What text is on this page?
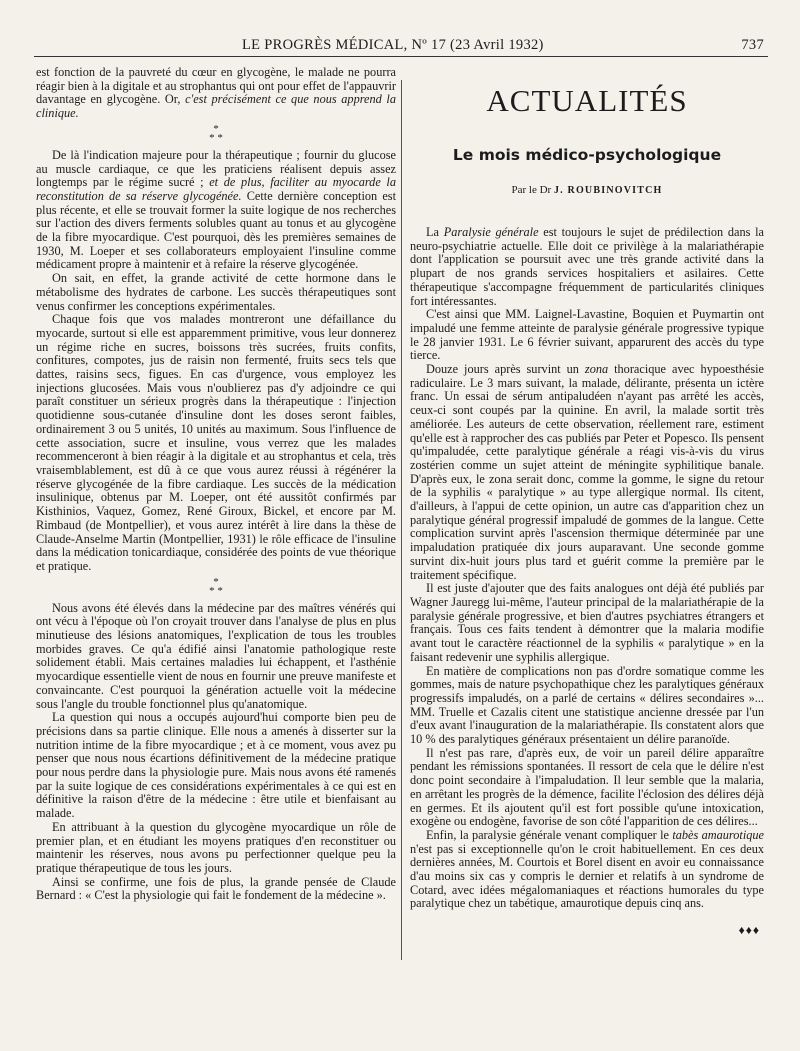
LE PROGRÈS MÉDICAL, Nº 17 (23 Avril 1932)	737

est fonction de la pauvreté du cœur en glycogène, le malade ne pourra réagir bien à la digitale et au strophantus qui ont pour effet de l'appauvrir davantage en glycogène. Or, c'est précisément ce que nous apprend la clinique.

*
* *

De là l'indication majeure pour la thérapeutique ; fournir du glucose au muscle cardiaque, ce que les praticiens réalisent depuis assez longtemps par le régime sucré ; et de plus, faciliter au myocarde la reconstitution de sa réserve glycogénée. Cette dernière conception est plus récente, et elle se trouvait former la suite logique de nos recherches sur l'action des divers ferments solubles quant au tonus et au glycogène de la fibre myocardique. C'est pourquoi, dès les premières semaines de 1930, M. Loeper et ses collaborateurs employaient l'insuline comme médicament propre à maintenir et à refaire la réserve glycogénée.

On sait, en effet, la grande activité de cette hormone dans le métabolisme des hydrates de carbone. Les succès thérapeutiques sont venus confirmer les conceptions expérimentales.

Chaque fois que vos malades montreront une défaillance du myocarde, surtout si elle est apparemment primitive, vous leur donnerez un régime riche en sucres, boissons très sucrées, fruits confits, confitures, compotes, jus de raisin non fermenté, fruits secs tels que dattes, raisins secs, figues. En cas d'urgence, vous employez les injections glucosées. Mais vous n'oublierez pas d'y adjoindre ce qui paraît constituer un sérieux progrès dans la thérapeutique : l'injection quotidienne sous-cutanée d'insuline dont les doses seront faibles, ordinairement 3 ou 5 unités, 10 unités au maximum. Sous l'influence de cette association, sucre et insuline, vous verrez que les malades recommenceront à bien réagir à la digitale et au strophantus et cela, très vraisemblablement, est dû à ce que vous aurez réussi à régénérer la réserve glycogénée de la fibre cardiaque. Les succès de la médication insulinique, obtenus par M. Loeper, ont été aussitôt confirmés par Kisthinios, Vaquez, Gomez, René Giroux, Bickel, et encore par M. Rimbaud (de Montpellier), et vous aurez intérêt à lire dans la thèse de Claude-Anselme Martin (Montpellier, 1931) le rôle efficace de l'insuline dans la médication tonicardiaque, considérée des points de vue théorique et pratique.

*
* *

Nous avons été élevés dans la médecine par des maîtres vénérés qui ont vécu à l'époque où l'on croyait trouver dans l'analyse de plus en plus minutieuse des lésions anatomiques, l'explication de tous les troubles morbides graves. Ce qu'a édifié ainsi l'anatomie pathologique reste solidement établi. Mais certaines maladies lui échappent, et l'asthénie myocardique essentielle vient de nous en fournir une preuve manifeste et convaincante. C'est pourquoi la génération actuelle voit la médecine sous l'angle du trouble fonctionnel plus qu'anatomique.

La question qui nous a occupés aujourd'hui comporte bien peu de précisions dans sa partie clinique. Elle nous a amenés à disserter sur la nutrition intime de la fibre myocardique ; et à ce moment, vous avez pu penser que nous nous écartions définitivement de la médecine pratique pour nous perdre dans la physiologie pure. Mais nous avons été ramenés par la suite logique de ces considérations expérimentales à ce qui est en définitive la raison d'être de la médecine : être utile et bienfaisant au malade.

En attribuant à la question du glycogène myocardique un rôle de premier plan, et en étudiant les moyens pratiques d'en reconstituer ou maintenir les réserves, nous avons pu perfectionner quelque peu la pratique thérapeutique de tous les jours.

Ainsi se confirme, une fois de plus, la grande pensée de Claude Bernard : « C'est la physiologie qui fait le fondement de la médecine ».

ACTUALITÉS
Le mois médico-psychologique
Par le Dr J. ROUBINOVITCH

La Paralysie générale est toujours le sujet de prédilection dans la neuro-psychiatrie actuelle. Elle doit ce privilège à la malariathérapie dont l'application se poursuit avec une très grande activité dans la plupart de nos grands services hospitaliers et asilaires. Cette thérapeutique s'accompagne fréquemment de particularités cliniques fort intéressantes.

C'est ainsi que MM. Laignel-Lavastine, Boquien et Puymartin ont impaludé une femme atteinte de paralysie générale progressive typique le 28 janvier 1931. Le 6 février suivant, apparurent des accès du type tierce.

Douze jours après survint un zona thoracique avec hypoesthésie radiculaire. Le 3 mars suivant, la malade, délirante, présenta un ictère franc. Un essai de sérum antipaludéen n'ayant pas arrêté les accès, ceux-ci sont coupés par la quinine. En avril, la malade sortit très améliorée. Les auteurs de cette observation, réellement rare, estiment qu'elle est à rapprocher des cas publiés par Peter et Popesco. Ils pensent qu'impaludée, cette paralytique générale a réagi vis-à-vis du virus zostérien comme un sujet atteint de méningite syphilitique banale. D'après eux, le zona serait donc, comme la gomme, le signe du retour de la syphilis « paralytique » au type allergique normal. Ils citent, d'ailleurs, à l'appui de cette opinion, un autre cas d'apparition chez un paralytique général progressif impaludé de gommes de la langue. Cette complication survint après l'ascension thermique déterminée par une impaludation pratiquée dix jours auparavant. Une seconde gomme survint dix-huit jours plus tard et guérit comme la première par le traitement spécifique.

Il est juste d'ajouter que des faits analogues ont déjà été publiés par Wagner Jauregg lui-même, l'auteur principal de la malariathérapie de la paralysie générale progressive, et bien d'autres psychiatres étrangers et français. Tous ces faits tendent à démontrer que la malaria modifie avant tout le caractère réactionnel de la syphilis « paralytique » en la faisant redevenir une syphilis allergique.

En matière de complications non pas d'ordre somatique comme les gommes, mais de nature psychopathique chez les paralytiques généraux progressifs impaludés, on a parlé de certains « délires secondaires »... MM. Truelle et Cazalis citent une statistique ancienne dressée par l'un d'eux avant l'inauguration de la malariathérapie. Ils constatent alors que 10 % des paralytiques généraux présentaient un délire paranoïde.

Il n'est pas rare, d'après eux, de voir un pareil délire apparaître pendant les rémissions spontanées. Il ressort de cela que le délire n'est donc point secondaire à l'impaludation. Il leur semble que la malaria, en arrêtant les progrès de la démence, facilite l'éclosion des délires déjà en germes. Et ils ajoutent qu'il est fort possible qu'une intoxication, exogène ou endogène, favorise de son côté l'apparition de ces délires...

Enfin, la paralysie générale venant compliquer le tabès amaurotique n'est pas si exceptionnelle qu'on le croit habituellement. En ces deux dernières années, M. Courtois et Borel disent en avoir eu connaissance d'au moins six cas y compris le dernier et relatifs à un syndrome de Cotard, avec idées mégalomaniaques et réactions humorales du type paralytique chez un tabétique, amaurotique depuis cinq ans.

♦♦♦
